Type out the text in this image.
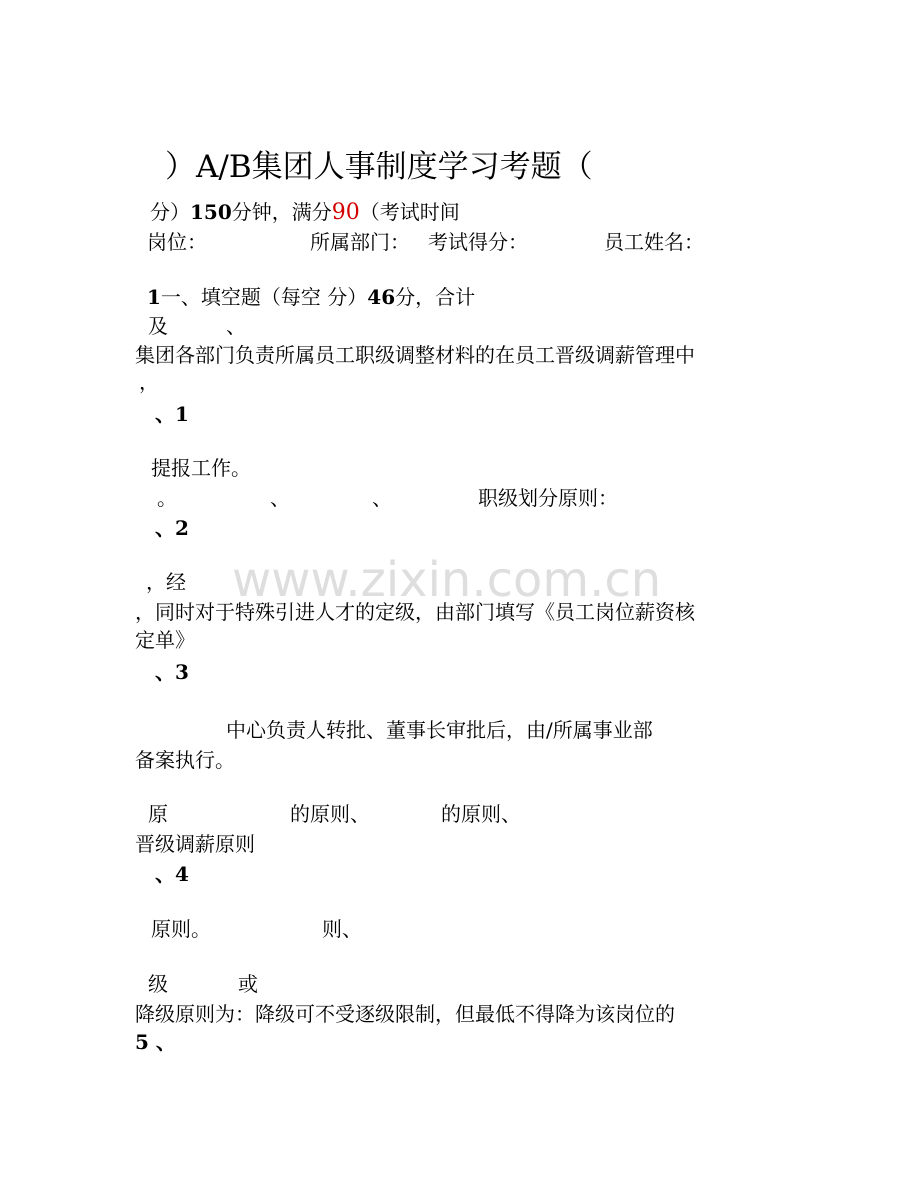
）A/B集团人事制度学习考题（
分）150分钟，满分90（考试时间
岗位：	所属部门： 考试得分：	员工姓名：
1一、填空题（每空 分）46分，合计
及	、
集团各部门负责所属员工职级调整材料的在员工晋级调薪管理中
，
、1
提报工作。
。	、	、	职级划分原则：
、2
，经
，同时对于特殊引进人才的定级，由部门填写《员工岗位薪资核
定单》
、3
中心负责人转批、董事长审批后，由/所属事业部
备案执行。
原	的原则、	的原则、
晋级调薪原则
、4
原则。	则、
级	或
降级原则为：降级可不受逐级限制，但最低不得降为该岗位的
5 、
www.zixin.com.cn
